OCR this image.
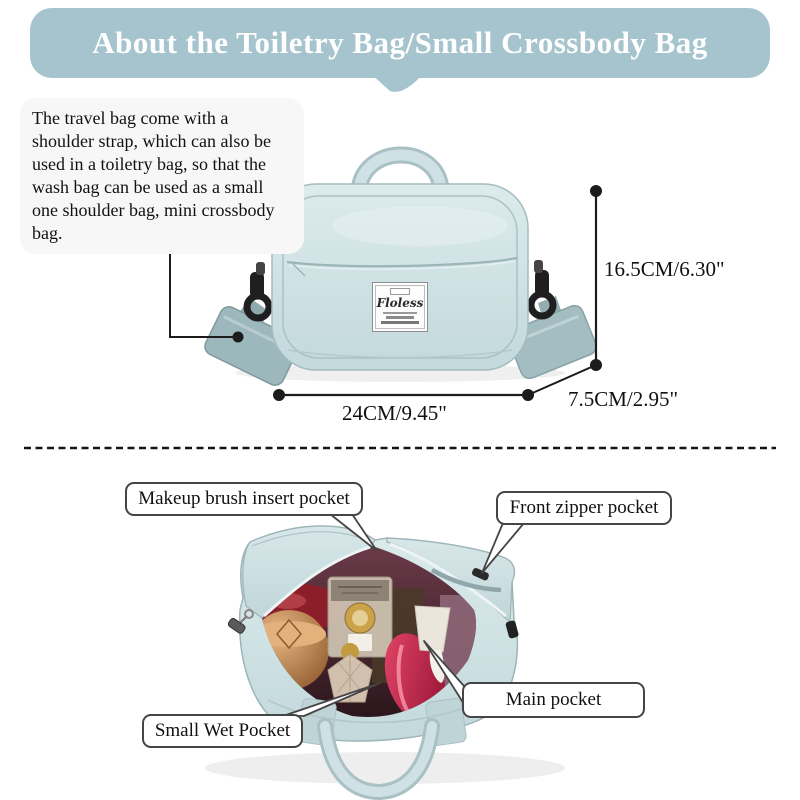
About the Toiletry Bag/Small Crossbody Bag
The travel bag come with a shoulder strap, which can also be used in a toiletry bag, so that the wash bag can be used as a small one shoulder bag, mini crossbody bag.
Floless
16.5CM/6.30"
24CM/9.45"
7.5CM/2.95"
Makeup brush insert pocket	Front zipper pocket
Main pocket
Small Wet Pocket
